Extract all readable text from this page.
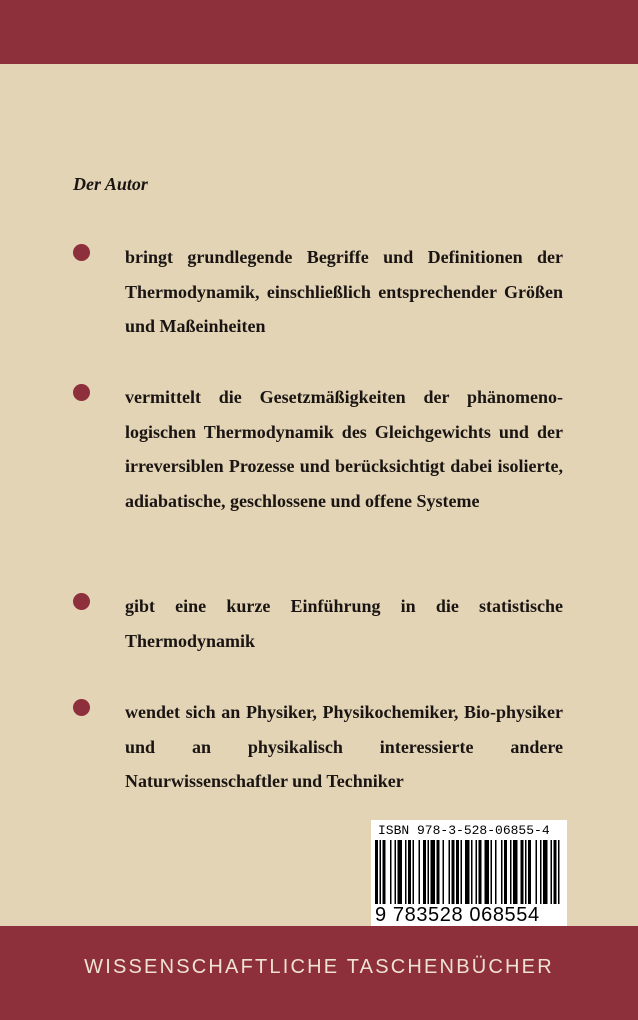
Der Autor
bringt grundlegende Begriffe und Definitionen der Thermodynamik, einschließlich entsprechender Größen und Maßeinheiten
vermittelt die Gesetzmäßigkeiten der phänomeno-logischen Thermodynamik des Gleichgewichts und der irreversiblen Prozesse und berücksichtigt dabei isolierte, adiabatische, geschlossene und offene Systeme
gibt eine kurze Einführung in die statistische Thermodynamik
wendet sich an Physiker, Physikochemiker, Bio-physiker und an physikalisch interessierte andere Naturwissenschaftler und Techniker
ISBN 978-3-528-06855-4
9 783528 068554
WISSENSCHAFTLICHE TASCHENBÜCHER
